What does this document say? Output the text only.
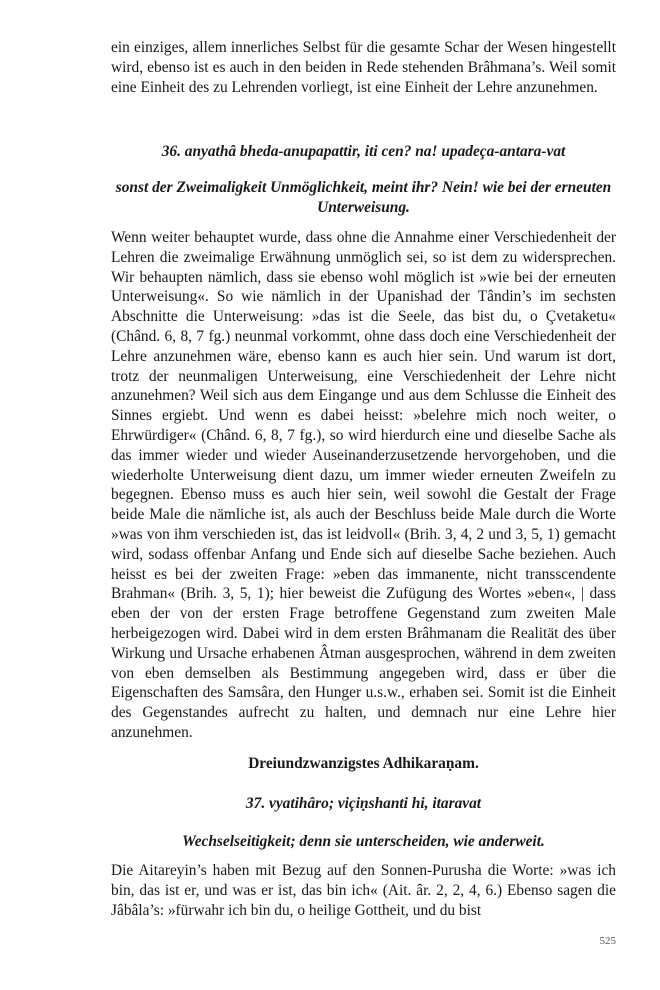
ein einziges, allem innerliches Selbst für die gesamte Schar der Wesen hingestellt wird, ebenso ist es auch in den beiden in Rede stehenden Brâhmana’s. Weil somit eine Einheit des zu Lehrenden vorliegt, ist eine Einheit der Lehre anzunehmen.

36. anyathâ bheda-anupapattir, iti cen? na! upadeça-antara-vat

sonst der Zweimaligkeit Unmöglichkeit, meint ihr? Nein! wie bei der erneuten Unterweisung.

Wenn weiter behauptet wurde, dass ohne die Annahme einer Verschiedenheit der Lehren die zweimalige Erwähnung unmöglich sei, so ist dem zu widersprechen. Wir behaupten nämlich, dass sie ebenso wohl möglich ist »wie bei der erneuten Unterweisung«. So wie nämlich in der Upanishad der Tândin’s im sechsten Abschnitte die Unterweisung: »das ist die Seele, das bist du, o Çvetaketu« (Chând. 6, 8, 7 fg.) neunmal vorkommt, ohne dass doch eine Verschiedenheit der Lehre anzunehmen wäre, ebenso kann es auch hier sein. Und warum ist dort, trotz der neunmaligen Unterweisung, eine Verschiedenheit der Lehre nicht anzunehmen? Weil sich aus dem Eingange und aus dem Schlusse die Einheit des Sinnes ergiebt. Und wenn es dabei heisst: »belehre mich noch weiter, o Ehrwürdiger« (Chând. 6, 8, 7 fg.), so wird hierdurch eine und dieselbe Sache als das immer wieder und wieder Auseinanderzusetzende hervorgehoben, und die wiederholte Unterweisung dient dazu, um immer wieder erneuten Zweifeln zu begegnen. Ebenso muss es auch hier sein, weil sowohl die Gestalt der Frage beide Male die nämliche ist, als auch der Beschluss beide Male durch die Worte »was von ihm verschieden ist, das ist leidvoll« (Brih. 3, 4, 2 und 3, 5, 1) gemacht wird, sodass offenbar Anfang und Ende sich auf dieselbe Sache beziehen. Auch heisst es bei der zweiten Frage: »eben das immanente, nicht transscendente Brahman« (Brih. 3, 5, 1); hier beweist die Zufügung des Wortes »eben«, | dass eben der von der ersten Frage betroffene Gegenstand zum zweiten Male herbeigezogen wird. Dabei wird in dem ersten Brâhmanam die Realität des über Wirkung und Ursache erhabenen Âtman ausgesprochen, während in dem zweiten von eben demselben als Bestimmung angegeben wird, dass er über die Eigenschaften des Samsâra, den Hunger u.s.w., erhaben sei. Somit ist die Einheit des Gegenstandes aufrecht zu halten, und demnach nur eine Lehre hier anzunehmen.

Dreiundzwanzigstes Adhikaraṇam.

37. vyatihâro; viçiṇshanti hi, itaravat

Wechselseitigkeit; denn sie unterscheiden, wie anderweit.

Die Aitareyin’s haben mit Bezug auf den Sonnen-Purusha die Worte: »was ich bin, das ist er, und was er ist, das bin ich« (Ait. âr. 2, 2, 4, 6.) Ebenso sagen die Jâbâla’s: »fürwahr ich bin du, o heilige Gottheit, und du bist

525
